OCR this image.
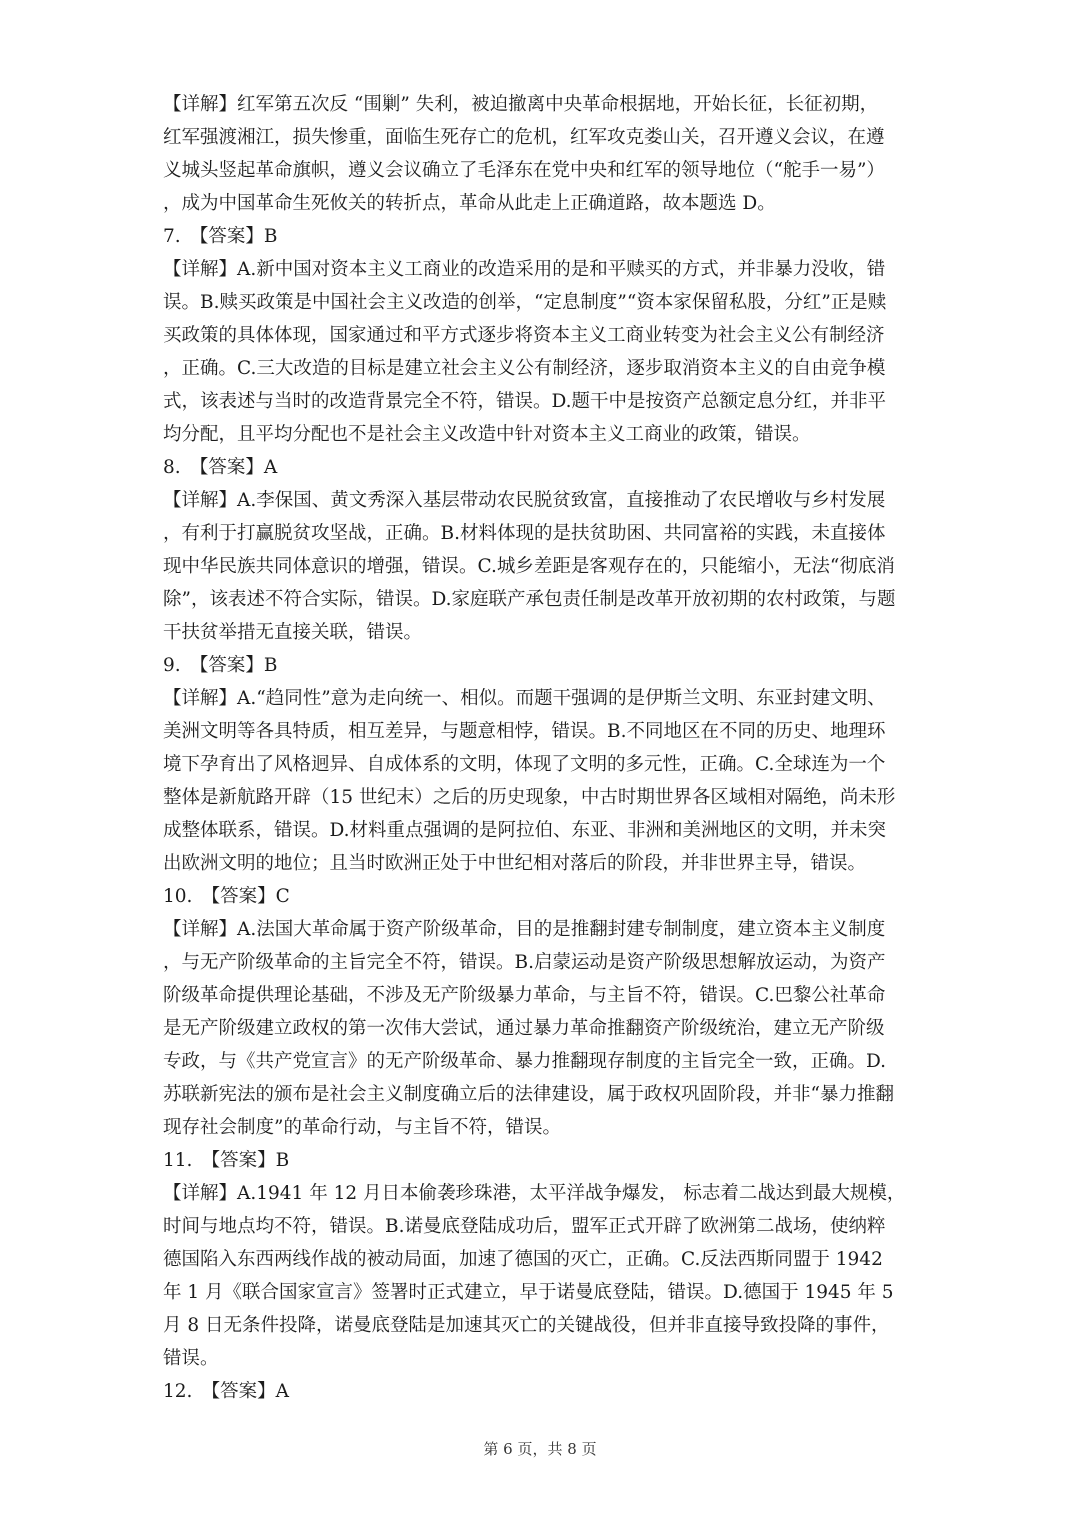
【详解】红军第五次反 “围剿” 失利，被迫撤离中央革命根据地，开始长征，长征初期，
红军强渡湘江，损失惨重，面临生死存亡的危机，红军攻克娄山关，召开遵义会议，在遵
义城头竖起革命旗帜，遵义会议确立了毛泽东在党中央和红军的领导地位（“舵手一易”）
，成为中国革命生死攸关的转折点，革命从此走上正确道路，故本题选 D。
7.　【答案】B
【详解】A.新中国对资本主义工商业的改造采用的是和平赎买的方式，并非暴力没收，错
误。B.赎买政策是中国社会主义改造的创举，“定息制度”“资本家保留私股，分红”正是赎
买政策的具体体现，国家通过和平方式逐步将资本主义工商业转变为社会主义公有制经济
，正确。C.三大改造的目标是建立社会主义公有制经济，逐步取消资本主义的自由竞争模
式，该表述与当时的改造背景完全不符，错误。D.题干中是按资产总额定息分红，并非平
均分配，且平均分配也不是社会主义改造中针对资本主义工商业的政策，错误。
8.　【答案】A
【详解】A.李保国、黄文秀深入基层带动农民脱贫致富，直接推动了农民增收与乡村发展
，有利于打赢脱贫攻坚战，正确。B.材料体现的是扶贫助困、共同富裕的实践，未直接体
现中华民族共同体意识的增强，错误。C.城乡差距是客观存在的，只能缩小，无法“彻底消
除”，该表述不符合实际，错误。D.家庭联产承包责任制是改革开放初期的农村政策，与题
干扶贫举措无直接关联，错误。
9.　【答案】B
【详解】A.“趋同性”意为走向统一、相似。而题干强调的是伊斯兰文明、东亚封建文明、
美洲文明等各具特质，相互差异，与题意相悖，错误。B.不同地区在不同的历史、地理环
境下孕育出了风格迥异、自成体系的文明，体现了文明的多元性，正确。C.全球连为一个
整体是新航路开辟（15 世纪末）之后的历史现象，中古时期世界各区域相对隔绝，尚未形
成整体联系，错误。D.材料重点强调的是阿拉伯、东亚、非洲和美洲地区的文明，并未突
出欧洲文明的地位；且当时欧洲正处于中世纪相对落后的阶段，并非世界主导，错误。
10.　【答案】C
【详解】A.法国大革命属于资产阶级革命，目的是推翻封建专制制度，建立资本主义制度
，与无产阶级革命的主旨完全不符，错误。B.启蒙运动是资产阶级思想解放运动，为资产
阶级革命提供理论基础，不涉及无产阶级暴力革命，与主旨不符，错误。C.巴黎公社革命
是无产阶级建立政权的第一次伟大尝试，通过暴力革命推翻资产阶级统治，建立无产阶级
专政，与《共产党宣言》的无产阶级革命、暴力推翻现存制度的主旨完全一致，正确。D.
苏联新宪法的颁布是社会主义制度确立后的法律建设，属于政权巩固阶段，并非“暴力推翻
现存社会制度”的革命行动，与主旨不符，错误。
11.　【答案】B
【详解】A.1941 年 12 月日本偷袭珍珠港，太平洋战争爆发， 标志着二战达到最大规模，
时间与地点均不符，错误。B.诺曼底登陆成功后，盟军正式开辟了欧洲第二战场，使纳粹
德国陷入东西两线作战的被动局面，加速了德国的灭亡，正确。C.反法西斯同盟于 1942
年 1 月《联合国家宣言》签署时正式建立，早于诺曼底登陆，错误。D.德国于 1945 年 5
月 8 日无条件投降，诺曼底登陆是加速其灭亡的关键战役，但并非直接导致投降的事件，
错误。
12.　【答案】A
第 6 页，共 8 页
